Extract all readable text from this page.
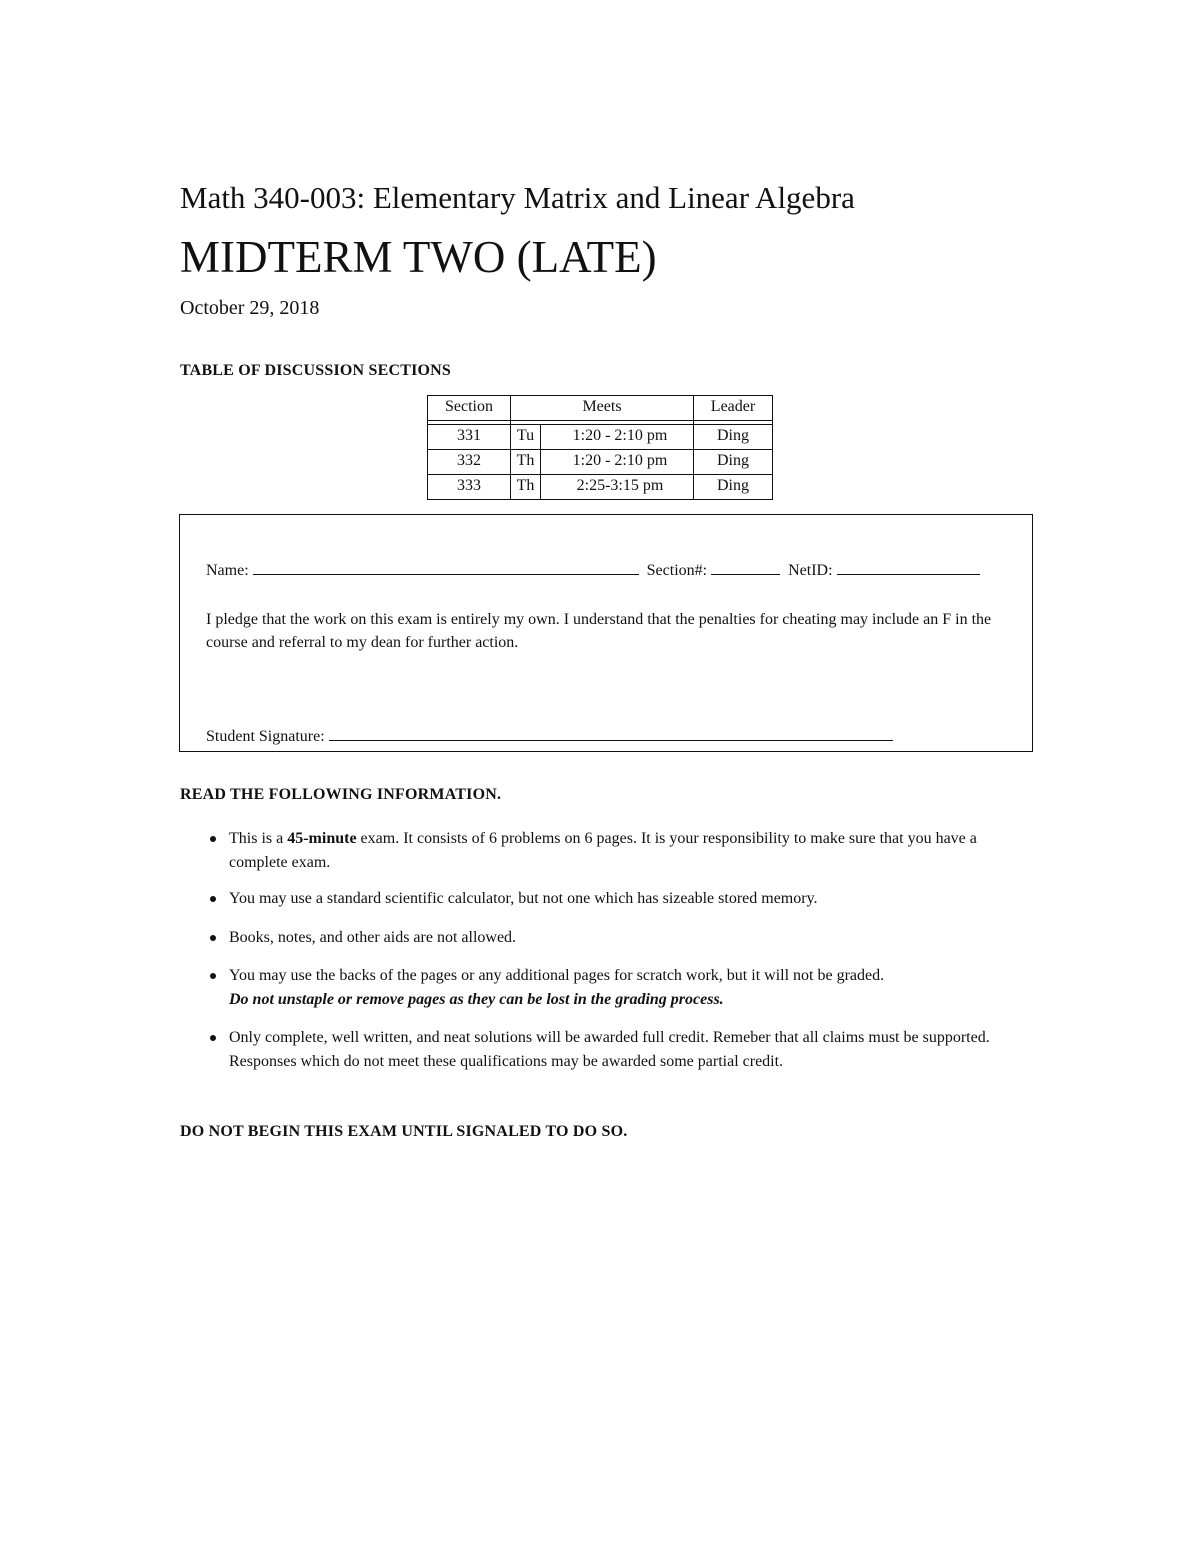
Math 340-003: Elementary Matrix and Linear Algebra
MIDTERM TWO (LATE)
October 29, 2018
TABLE OF DISCUSSION SECTIONS
Section	Meets	Leader
331	Tu	1:20 - 2:10 pm	Ding
332	Th	1:20 - 2:10 pm	Ding
333	Th	2:25-3:15 pm	Ding
Name:	Section#:	NetID:
I pledge that the work on this exam is entirely my own. I understand that the penalties for cheating may include an F in the course and referral to my dean for further action.
Student Signature:
READ THE FOLLOWING INFORMATION.
This is a 45-minute exam. It consists of 6 problems on 6 pages. It is your responsibility to make sure that you have a complete exam.
You may use a standard scientific calculator, but not one which has sizeable stored memory.
Books, notes, and other aids are not allowed.
You may use the backs of the pages or any additional pages for scratch work, but it will not be graded.
Do not unstaple or remove pages as they can be lost in the grading process.
Only complete, well written, and neat solutions will be awarded full credit. Remeber that all claims must be supported. Responses which do not meet these qualifications may be awarded some partial credit.
DO NOT BEGIN THIS EXAM UNTIL SIGNALED TO DO SO.
